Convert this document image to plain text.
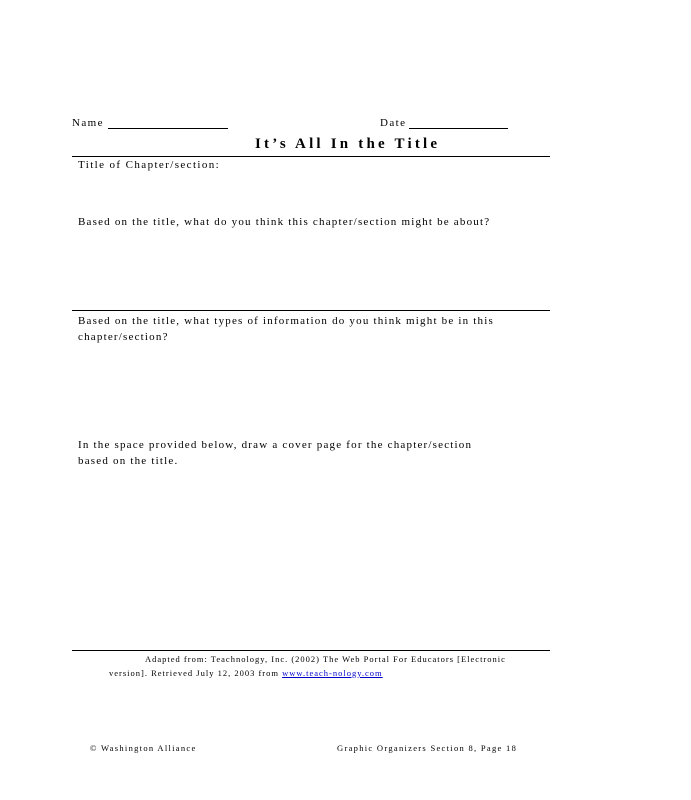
Name	Date
It’s All In the Title
Title of Chapter/section:
Based on the title, what do you think this chapter/section might be about?
Based on the title, what types of information do you think might be in this
chapter/section?
In the space provided below, draw a cover page for the chapter/section
based on the title.
Adapted from: Teachnology, Inc. (2002) The Web Portal For Educators [Electronic
version]. Retrieved July 12, 2003 from www.teach-nology.com
© Washington Alliance	Graphic Organizers Section 8, Page 18
